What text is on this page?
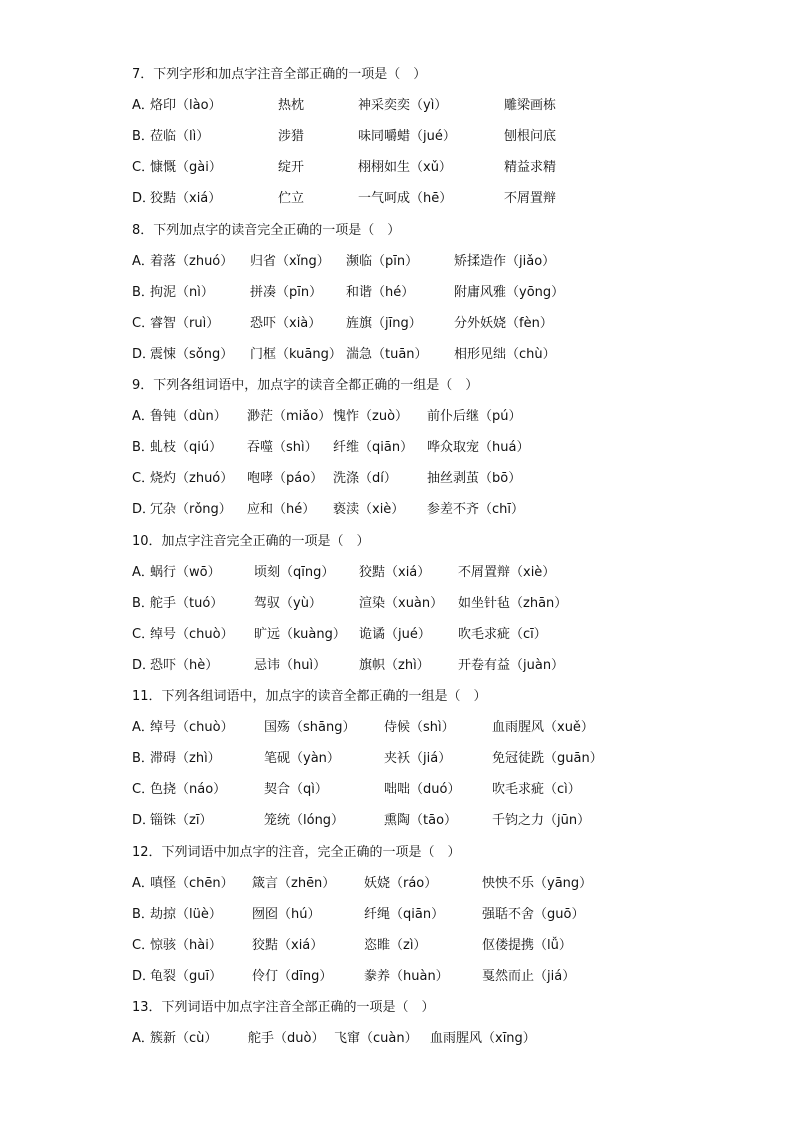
7．下列字形和加点字注音全部正确的一项是（　）
A．
烙印（lào）	热枕	神采奕奕（yì）	雕梁画栋
B．
莅临（lì）	涉猎	味同嚼蜡（jué）	刨根问底
C．
慷慨（gài）	绽开	栩栩如生（xǔ）	精益求精
D．
狡黠（xiá）	伫立	一气呵成（hē）	不屑置辩
8．下列加点字的读音完全正确的一项是（　）
A．
着落（zhuó） 归省（xǐng） 濒临（pīn）	矫揉造作（jiǎo）
B．
拘泥（nì）	拼凑（pīn） 和谐（hé）	附庸风雅（yōng）
C．
睿智（ruì） 恐吓（xià） 旌旗（jīng） 分外妖娆（fèn）
D．
震悚（sǒng） 门框（kuāng） 湍急（tuān） 相形见绌（chù）
9．下列各组词语中，加点字的读音全都正确的一组是（　）
A．
鲁钝（dùn） 渺茫（miǎo） 愧怍（zuò） 前仆后继（pú）
B．
虬枝（qiú） 吞噬（shì） 纤维（qiān） 哗众取宠（huá）
C．
烧灼（zhuó） 咆哮（páo） 洗涤（dí） 抽丝剥茧（bō）
D．
冗杂（rǒng） 应和（hé） 亵渎（xiè） 参差不齐（chī）
10．加点字注音完全正确的一项是（　）
A．
蜗行（wō）	顷刻（qīng） 狡黠（xiá） 不屑置辩（xiè）
B．
舵手（tuó） 驾驭（yù）	渲染（xuàn） 如坐针毡（zhān）
C．
绰号（chuò） 旷远（kuàng） 诡谲（jué） 吹毛求疵（cī）
D．
恐吓（hè）	忌讳（huì）	旗帜（zhì） 开卷有益（juàn）
11．下列各组词语中，加点字的读音全都正确的一组是（　）
A．
绰号（chuò） 国殇（shāng） 侍候（shì）	血雨腥风（xuě）
B．
滞碍（zhì）	笔砚（yàn）	夹袄（jiá）	免冠徒跣（guān）
C．
色挠（náo）	契合（qì）	咄咄（duó） 吹毛求疵（cì）
D．
锱铢（zī）	笼统（lóng）	熏陶（tāo）	千钧之力（jūn）
12．下列词语中加点字的注音，完全正确的一项是（　）
A．
嗔怪（chēn） 箴言（zhēn） 妖娆（ráo）	怏怏不乐（yāng）
B．
劫掠（lüè） 囫囵（hú）	纤绳（qiān）	强聒不舍（guō）
C．
惊骇（hài） 狡黠（xiá）	恣睢（zì）	伛偻提携（lǚ）
D．
龟裂（guī） 伶仃（dīng） 豢养（huàn）	戛然而止（jiá）
13．下列词语中加点字注音全部正确的一项是（　）
A．
簇新（cù） 舵手（duò） 飞窜（cuàn） 血雨腥风（xīng）
